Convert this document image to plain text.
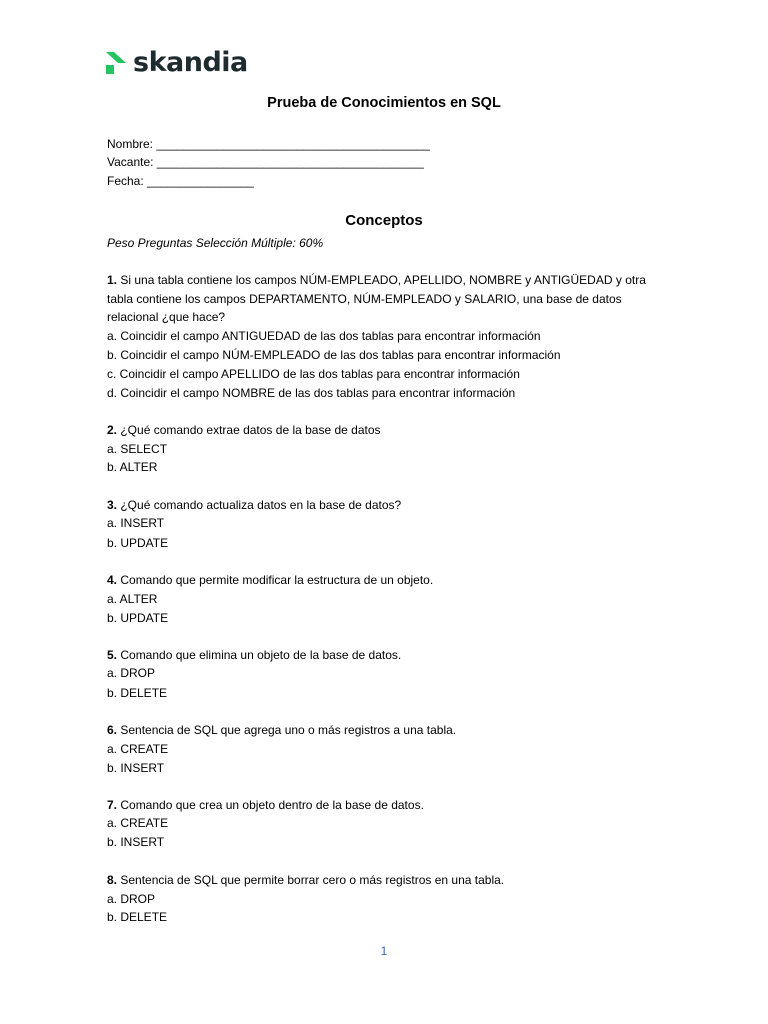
skandia
Prueba de Conocimientos en SQL
Nombre: _________________________________________
Vacante: ________________________________________
Fecha: ________________
Conceptos
Peso Preguntas Selección Múltiple: 60%
1. Si una tabla contiene los campos NÚM-EMPLEADO, APELLIDO, NOMBRE y ANTIGÜEDAD y otra
tabla contiene los campos DEPARTAMENTO, NÚM-EMPLEADO y SALARIO, una base de datos
relacional ¿que hace?
a. Coincidir el campo ANTIGUEDAD de las dos tablas para encontrar información
b. Coincidir el campo NÚM-EMPLEADO de las dos tablas para encontrar información
c. Coincidir el campo APELLIDO de las dos tablas para encontrar información
d. Coincidir el campo NOMBRE de las dos tablas para encontrar información
2. ¿Qué comando extrae datos de la base de datos
a. SELECT
b. ALTER
3. ¿Qué comando actualiza datos en la base de datos?
a. INSERT
b. UPDATE
4. Comando que permite modificar la estructura de un objeto.
a. ALTER
b. UPDATE
5. Comando que elimina un objeto de la base de datos.
a. DROP
b. DELETE
6. Sentencia de SQL que agrega uno o más registros a una tabla.
a. CREATE
b. INSERT
7. Comando que crea un objeto dentro de la base de datos.
a. CREATE
b. INSERT
8. Sentencia de SQL que permite borrar cero o más registros en una tabla.
a. DROP
b. DELETE
1
